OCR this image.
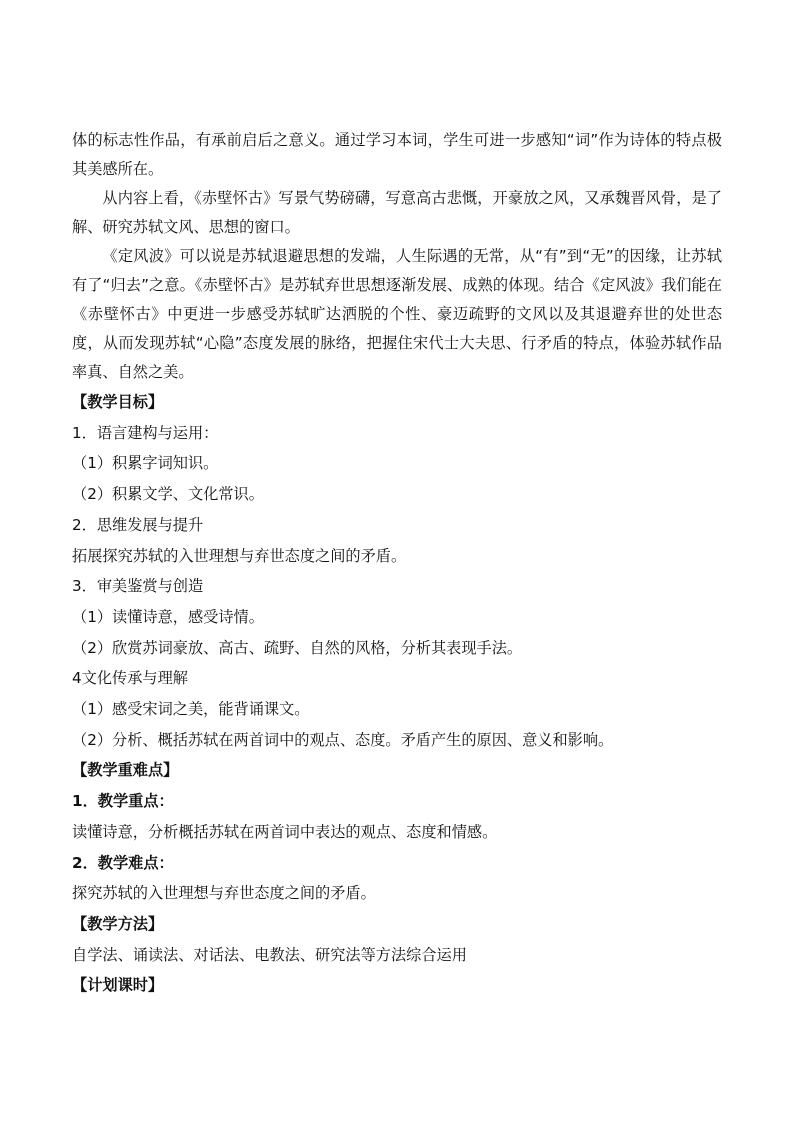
体的标志性作品，有承前启后之意义。通过学习本词，学生可进一步感知“词”作为诗体的特点极其美感所在。

从内容上看，《赤壁怀古》写景气势磅礴，写意高古悲慨，开豪放之风，又承魏晋风骨，是了解、研究苏轼文风、思想的窗口。

《定风波》可以说是苏轼退避思想的发端，人生际遇的无常，从“有”到“无”的因缘，让苏轼有了“归去”之意。《赤壁怀古》是苏轼弃世思想逐渐发展、成熟的体现。结合《定风波》我们能在《赤壁怀古》中更进一步感受苏轼旷达洒脱的个性、豪迈疏野的文风以及其退避弃世的处世态度，从而发现苏轼“心隐”态度发展的脉络，把握住宋代士大夫思、行矛盾的特点，体验苏轼作品率真、自然之美。

【教学目标】

1．语言建构与运用：

（1）积累字词知识。

（2）积累文学、文化常识。

2．思维发展与提升

拓展探究苏轼的入世理想与弃世态度之间的矛盾。

3．审美鉴赏与创造

（1）读懂诗意，感受诗情。

（2）欣赏苏词豪放、高古、疏野、自然的风格，分析其表现手法。

4文化传承与理解

（1）感受宋词之美，能背诵课文。

（2）分析、概括苏轼在两首词中的观点、态度。矛盾产生的原因、意义和影响。

【教学重难点】

1．教学重点：

读懂诗意，分析概括苏轼在两首词中表达的观点、态度和情感。

2．教学难点：

探究苏轼的入世理想与弃世态度之间的矛盾。

【教学方法】

自学法、诵读法、对话法、电教法、研究法等方法综合运用

【计划课时】
